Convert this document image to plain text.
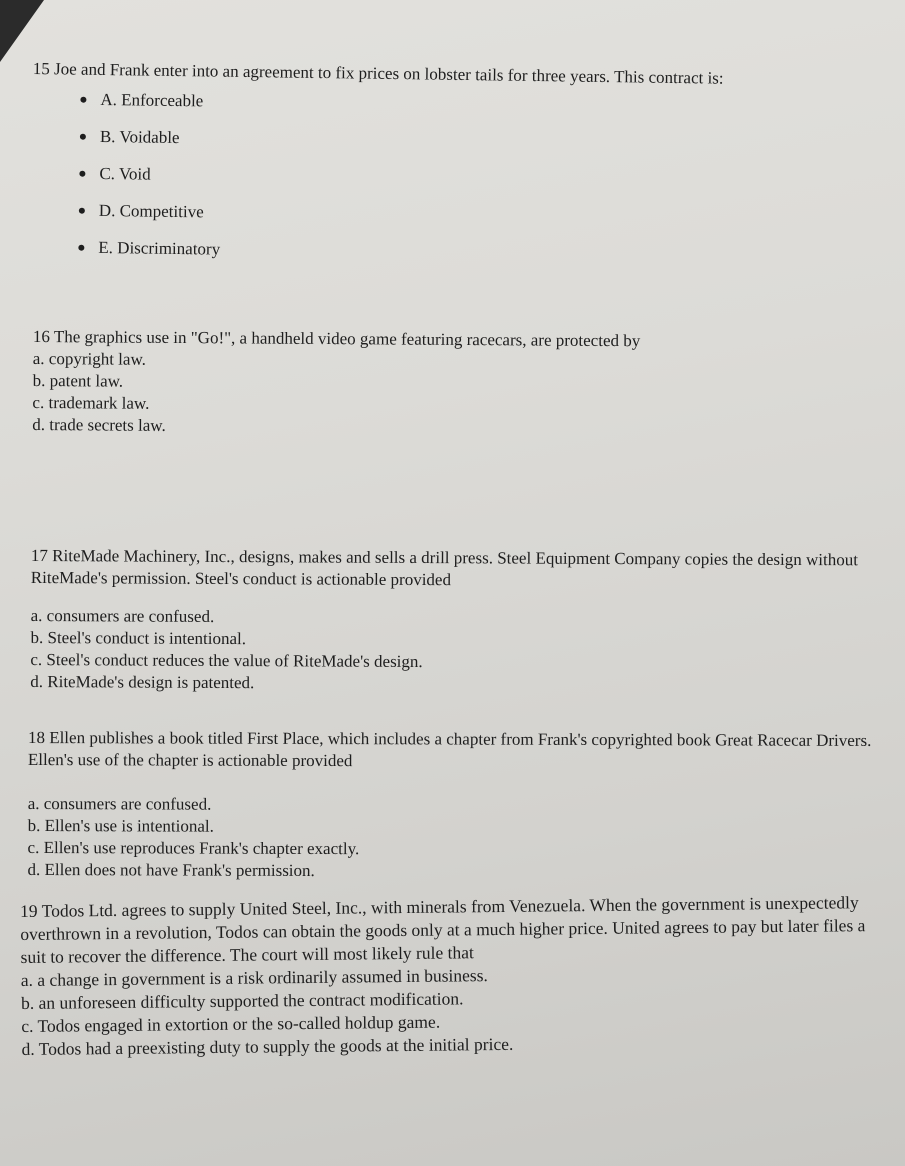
15 Joe and Frank enter into an agreement to fix prices on lobster tails for three years. This contract is:

A. Enforceable
B. Voidable
C. Void
D. Competitive
E. Discriminatory

16 The graphics use in "Go!", a handheld video game featuring racecars, are protected by

a. copyright law.
b. patent law.
c. trademark law.
d. trade secrets law.

17 RiteMade Machinery, Inc., designs, makes and sells a drill press. Steel Equipment Company copies the design without RiteMade's permission. Steel's conduct is actionable provided

a. consumers are confused.
b. Steel's conduct is intentional.
c. Steel's conduct reduces the value of RiteMade's design.
d. RiteMade's design is patented.

18 Ellen publishes a book titled First Place, which includes a chapter from Frank's copyrighted book Great Racecar Drivers. Ellen's use of the chapter is actionable provided

a. consumers are confused.
b. Ellen's use is intentional.
c. Ellen's use reproduces Frank's chapter exactly.
d. Ellen does not have Frank's permission.

19 Todos Ltd. agrees to supply United Steel, Inc., with minerals from Venezuela. When the government is unexpectedly overthrown in a revolution, Todos can obtain the goods only at a much higher price. United agrees to pay but later files a suit to recover the difference. The court will most likely rule that

a. a change in government is a risk ordinarily assumed in business.
b. an unforeseen difficulty supported the contract modification.
c. Todos engaged in extortion or the so-called holdup game.
d. Todos had a preexisting duty to supply the goods at the initial price.
